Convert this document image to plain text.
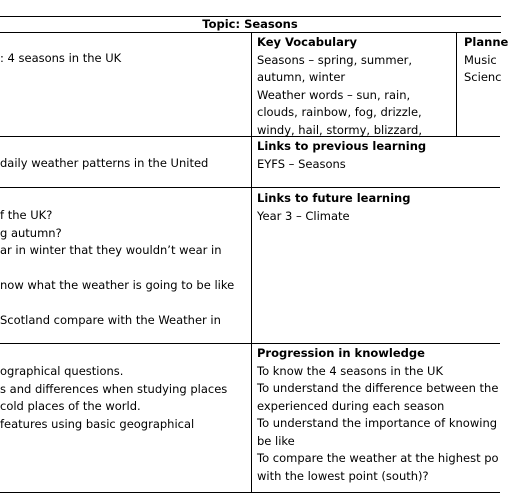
Topic: Seasons
: 4 seasons in the UK
daily weather patterns in the United
f the UK?
g autumn?
ar in winter that they wouldn’t wear in

now what the weather is going to be like

Scotland compare with the Weather in
ographical questions.
s and differences when studying places
cold places of the world.
features using basic geographical
Key Vocabulary
Seasons – spring, summer,
autumn, winter
Weather words – sun, rain,
clouds, rainbow, fog, drizzle,
windy, hail, stormy, blizzard,
Planne
Music
Scienc
Links to previous learning
EYFS – Seasons
Links to future learning
Year 3 – Climate
Progression in knowledge
To know the 4 seasons in the UK
To understand the difference between the
experienced during each season
To understand the importance of knowing
be like
To compare the weather at the highest po
with the lowest point (south)?
